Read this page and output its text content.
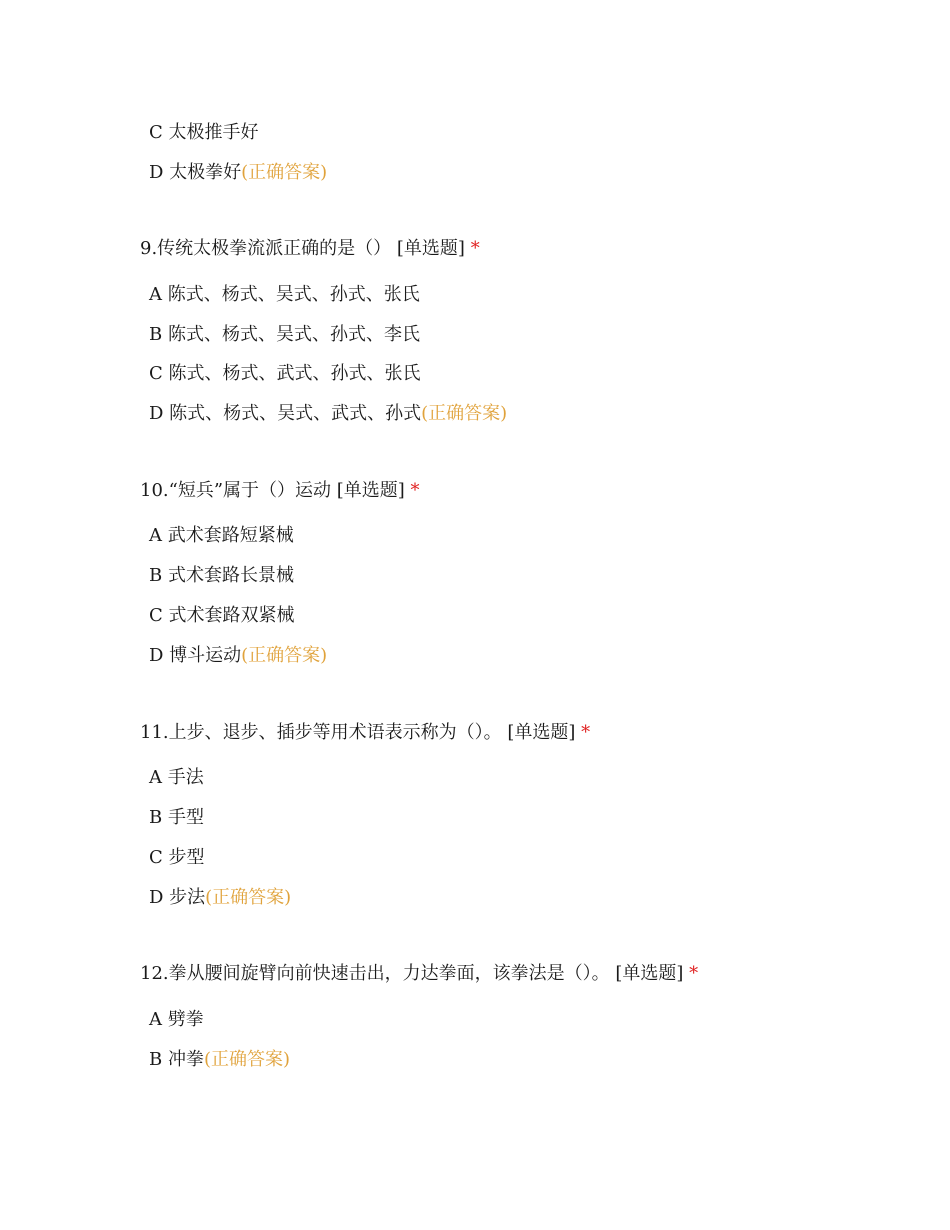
C 太极推手好
D 太极拳好(正确答案)
9.传统太极拳流派正确的是（） [单选题] *
A 陈式、杨式、吴式、孙式、张氏
B 陈式、杨式、吴式、孙式、李氏
C 陈式、杨式、武式、孙式、张氏
D 陈式、杨式、吴式、武式、孙式(正确答案)
10.“短兵”属于（）运动 [单选题] *
A 武术套路短紧械
B 式术套路长景械
C 式术套路双紧械
D 博斗运动(正确答案)
11.上步、退步、插步等用术语表示称为（）。 [单选题] *
A 手法
B 手型
C 步型
D 步法(正确答案)
12.拳从腰间旋臂向前快速击出，力达拳面，该拳法是（）。 [单选题] *
A 劈拳
B 冲拳(正确答案)
